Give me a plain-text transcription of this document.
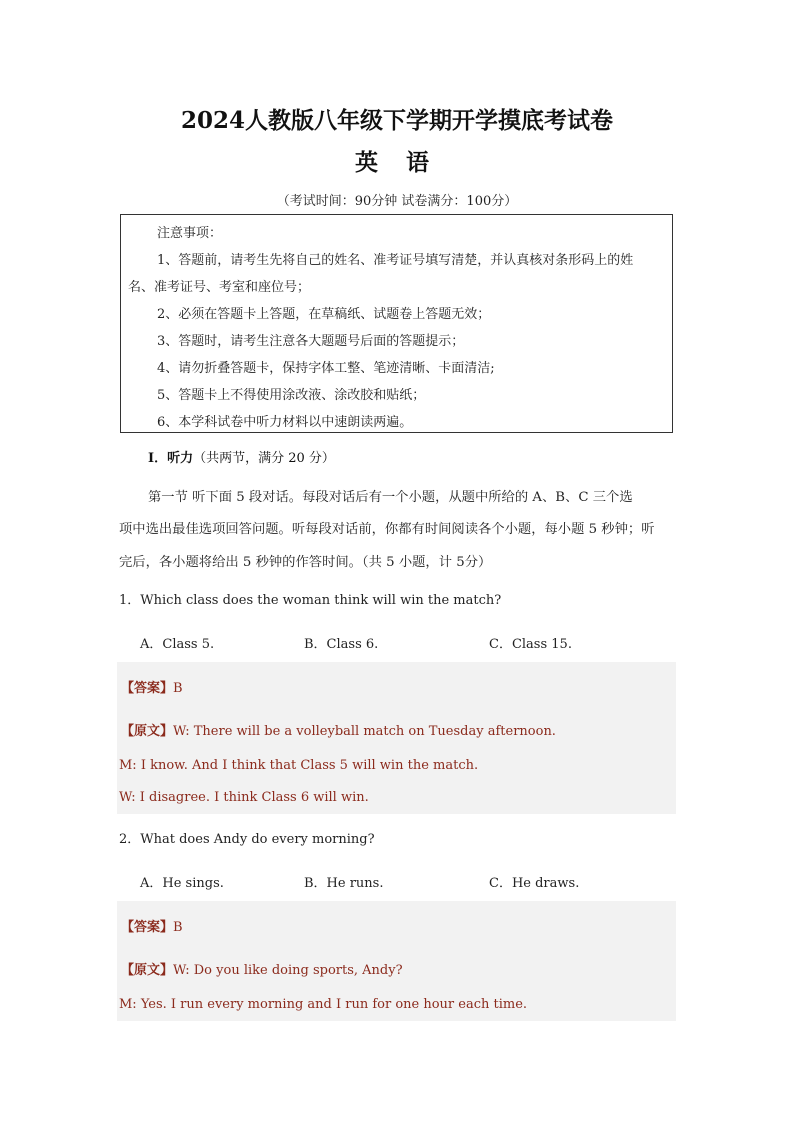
2024人教版八年级下学期开学摸底考试卷
英 语
（考试时间：90分钟 试卷满分：100分）
注意事项：
1、答题前，请考生先将自己的姓名、准考证号填写清楚，并认真核对条形码上的姓
名、准考证号、考室和座位号；
2、必须在答题卡上答题，在草稿纸、试题卷上答题无效；
3、答题时，请考生注意各大题题号后面的答题提示；
4、请勿折叠答题卡，保持字体工整、笔迹清晰、卡面清洁;
5、答题卡上不得使用涂改液、涂改胶和贴纸；
6、本学科试卷中听力材料以中速朗读两遍。
I．听力（共两节，满分 20 分）
第一节 听下面 5 段对话。每段对话后有一个小题，从题中所给的 A、B、C 三个选
项中选出最佳选项回答问题。听每段对话前，你都有时间阅读各个小题，每小题 5 秒钟；听
完后，各小题将给出 5 秒钟的作答时间。（共 5 小题，计 5分）
1．Which class does the woman think will win the match?
A．Class 5.	B．Class 6.	C．Class 15.
【答案】B
【原文】W: There will be a volleyball match on Tuesday afternoon.
M: I know. And I think that Class 5 will win the match.
W: I disagree. I think Class 6 will win.
2．What does Andy do every morning?
A．He sings.	B．He runs.	C．He draws.
【答案】B
【原文】W: Do you like doing sports, Andy?
M: Yes. I run every morning and I run for one hour each time.
